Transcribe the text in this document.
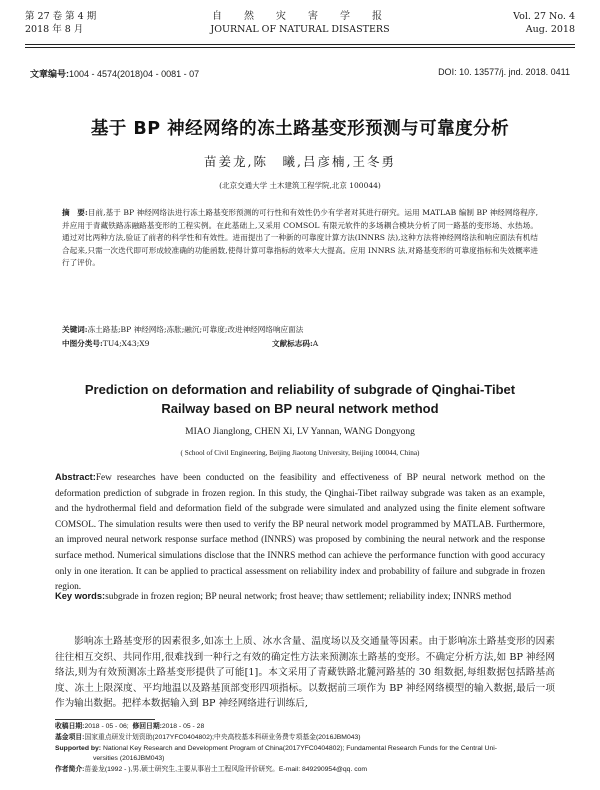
第 27 卷 第 4 期
2018 年 8 月
自　然　灾　害　学　报
JOURNAL OF NATURAL DISASTERS
Vol. 27 No. 4
Aug. 2018
文章编号:1004 - 4574(2018)04 - 0081 - 07	DOI: 10. 13577/j. jnd. 2018. 0411
基于 BP 神经网络的冻土路基变形预测与可靠度分析
苗姜龙,陈　曦,吕彦楠,王冬勇
(北京交通大学 土木建筑工程学院,北京 100044)
摘　要:目前,基于 BP 神经网络法进行冻土路基变形预测的可行性和有效性仍少有学者对其进行研究。运用 MATLAB 编制 BP 神经网络程序,并应用于青藏铁路冻融路基变形的工程实例。在此基础上,又采用 COMSOL 有限元软件的多场耦合模块分析了同一路基的变形场、水热场。通过对比两种方法,验证了前者的科学性和有效性。进而提出了一种新的可靠度计算方法(INNRS 法),这种方法将神经网络法和响应面法有机结合起来,只需一次迭代即可形成较准确的功能函数,使得计算可靠指标的效率大大提高。应用 INNRS 法,对路基变形的可靠度指标和失效概率进行了评价。
关键词:冻土路基;BP 神经网络;冻胀;融沉;可靠度;改进神经网络响应面法
中图分类号:TU4;X43;X9	文献标志码:A
Prediction on deformation and reliability of subgrade of Qinghai-Tibet Railway based on BP neural network method
MIAO Jianglong, CHEN Xi, LV Yannan, WANG Dongyong
( School of Civil Engineering, Beijing Jiaotong University, Beijing 100044, China)
Abstract:Few researches have been conducted on the feasibility and effectiveness of BP neural network method on the deformation prediction of subgrade in frozen region. In this study, the Qinghai-Tibet railway subgrade was taken as an example, and the hydrothermal field and deformation field of the subgrade were simulated and analyzed using the finite element software COMSOL. The simulation results were then used to verify the BP neural network model programmed by MATLAB. Furthermore, an improved neural network response surface method (INNRS) was proposed by combining the neural network and the response surface method. Numerical simulations disclose that the INNRS method can achieve the performance function with good accuracy only in one iteration. It can be applied to practical assessment on reliability index and probability of failure and subgrade in frozen region.
Key words:subgrade in frozen region; BP neural network; frost heave; thaw settlement; reliability index; INNRS method
影响冻土路基变形的因素很多,如冻土上质、冰水含量、温度场以及交通量等因素。由于影响冻土路基变形的因素往往相互交织、共同作用,很难找到一种行之有效的确定性方法来预测冻土路基的变形。不确定分析方法,如 BP 神经网络法,则为有效预测冻土路基变形提供了可能[1]。本文采用了青藏铁路北麓河路基的 30 组数据,每组数据包括路基高度、冻土上限深度、平均地温以及路基顶部变形四项指标。以数据前三项作为 BP 神经网络模型的输入数据,最后一项作为输出数据。把样本数据输入到 BP 神经网络进行训练后,
收稿日期:2018 - 05 - 06; 修回日期:2018 - 05 - 28
基金项目:国家重点研发计划资助(2017YFC0404802);中央高校基本科研业务费专项基金(2016JBM043)
Supported by: National Key Research and Development Program of China(2017YFC0404802); Fundamental Research Funds for the Central Uni-
versities (2016JBM043)
作者简介:苗姜龙(1992 - ),男,硕士研究生,主要从事岩土工程风险评价研究。E-mail: 849290954@qq. com
